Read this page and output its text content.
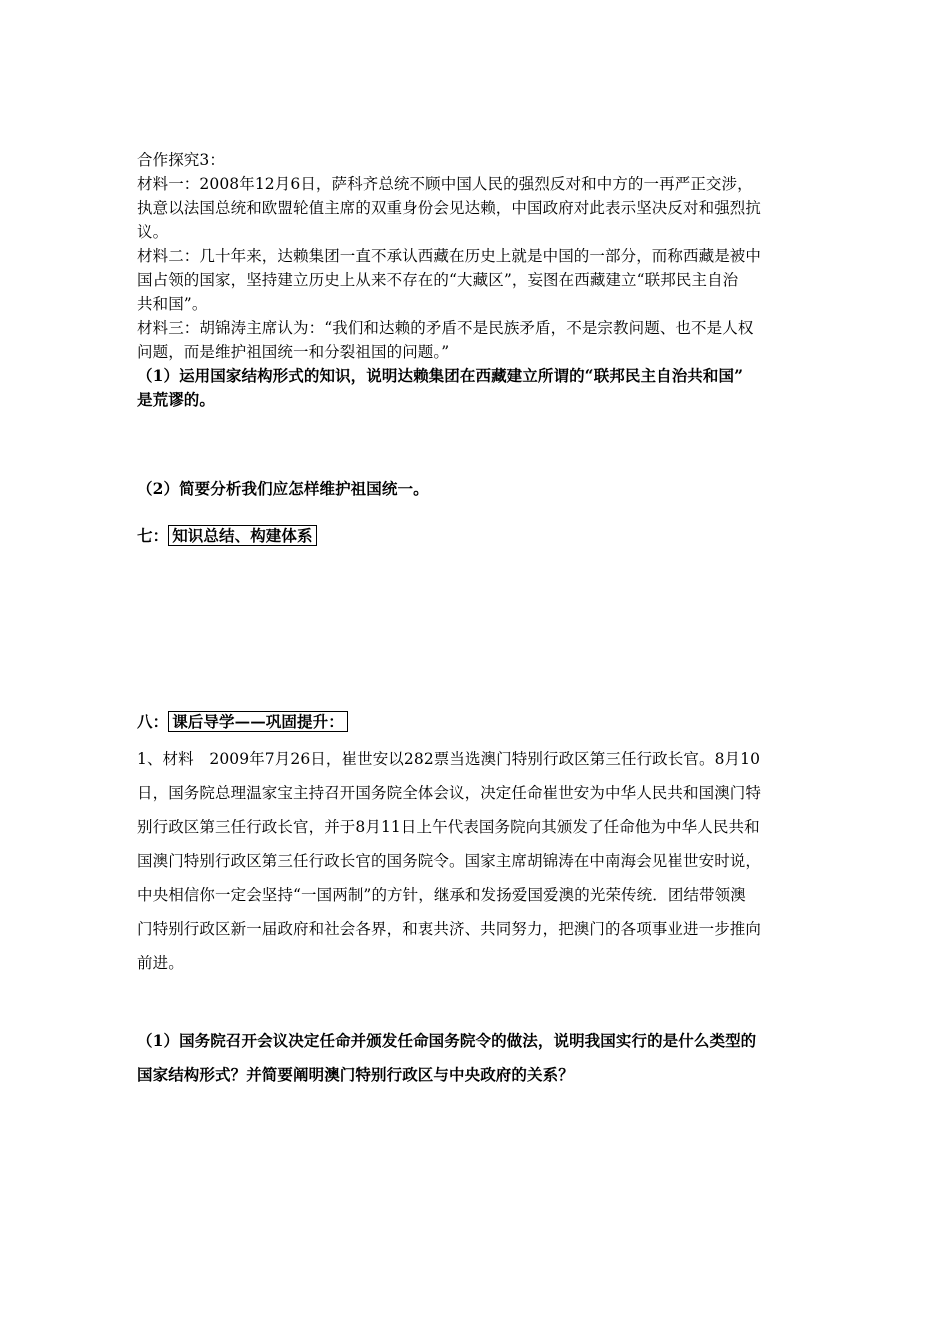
合作探究3：
材料一：2008年12月6日，萨科齐总统不顾中国人民的强烈反对和中方的一再严正交涉，
执意以法国总统和欧盟轮值主席的双重身份会见达赖，中国政府对此表示坚决反对和强烈抗
议。
材料二：几十年来，达赖集团一直不承认西藏在历史上就是中国的一部分，而称西藏是被中
国占领的国家，坚持建立历史上从来不存在的“大藏区”，妄图在西藏建立“联邦民主自治
共和国”。
材料三：胡锦涛主席认为：“我们和达赖的矛盾不是民族矛盾，不是宗教问题、也不是人权
问题，而是维护祖国统一和分裂祖国的问题。”
（1）运用国家结构形式的知识，说明达赖集团在西藏建立所谓的“联邦民主自治共和国”
是荒谬的。
（2）简要分析我们应怎样维护祖国统一。
七： 知识总结、构建体系
八： 课后导学——巩固提升：
1、材料　2009年7月26日，崔世安以282票当选澳门特别行政区第三任行政长官。8月10
日，国务院总理温家宝主持召开国务院全体会议，决定任命崔世安为中华人民共和国澳门特
别行政区第三任行政长官，并于8月11日上午代表国务院向其颁发了任命他为中华人民共和
国澳门特别行政区第三任行政长官的国务院令。国家主席胡锦涛在中南海会见崔世安时说，
中央相信你一定会坚持“一国两制”的方针，继承和发扬爱国爱澳的光荣传统．团结带领澳
门特别行政区新一届政府和社会各界，和衷共济、共同努力，把澳门的各项事业进一步推向
前进。
（1）国务院召开会议决定任命并颁发任命国务院令的做法，说明我国实行的是什么类型的
国家结构形式？并简要阐明澳门特别行政区与中央政府的关系？
